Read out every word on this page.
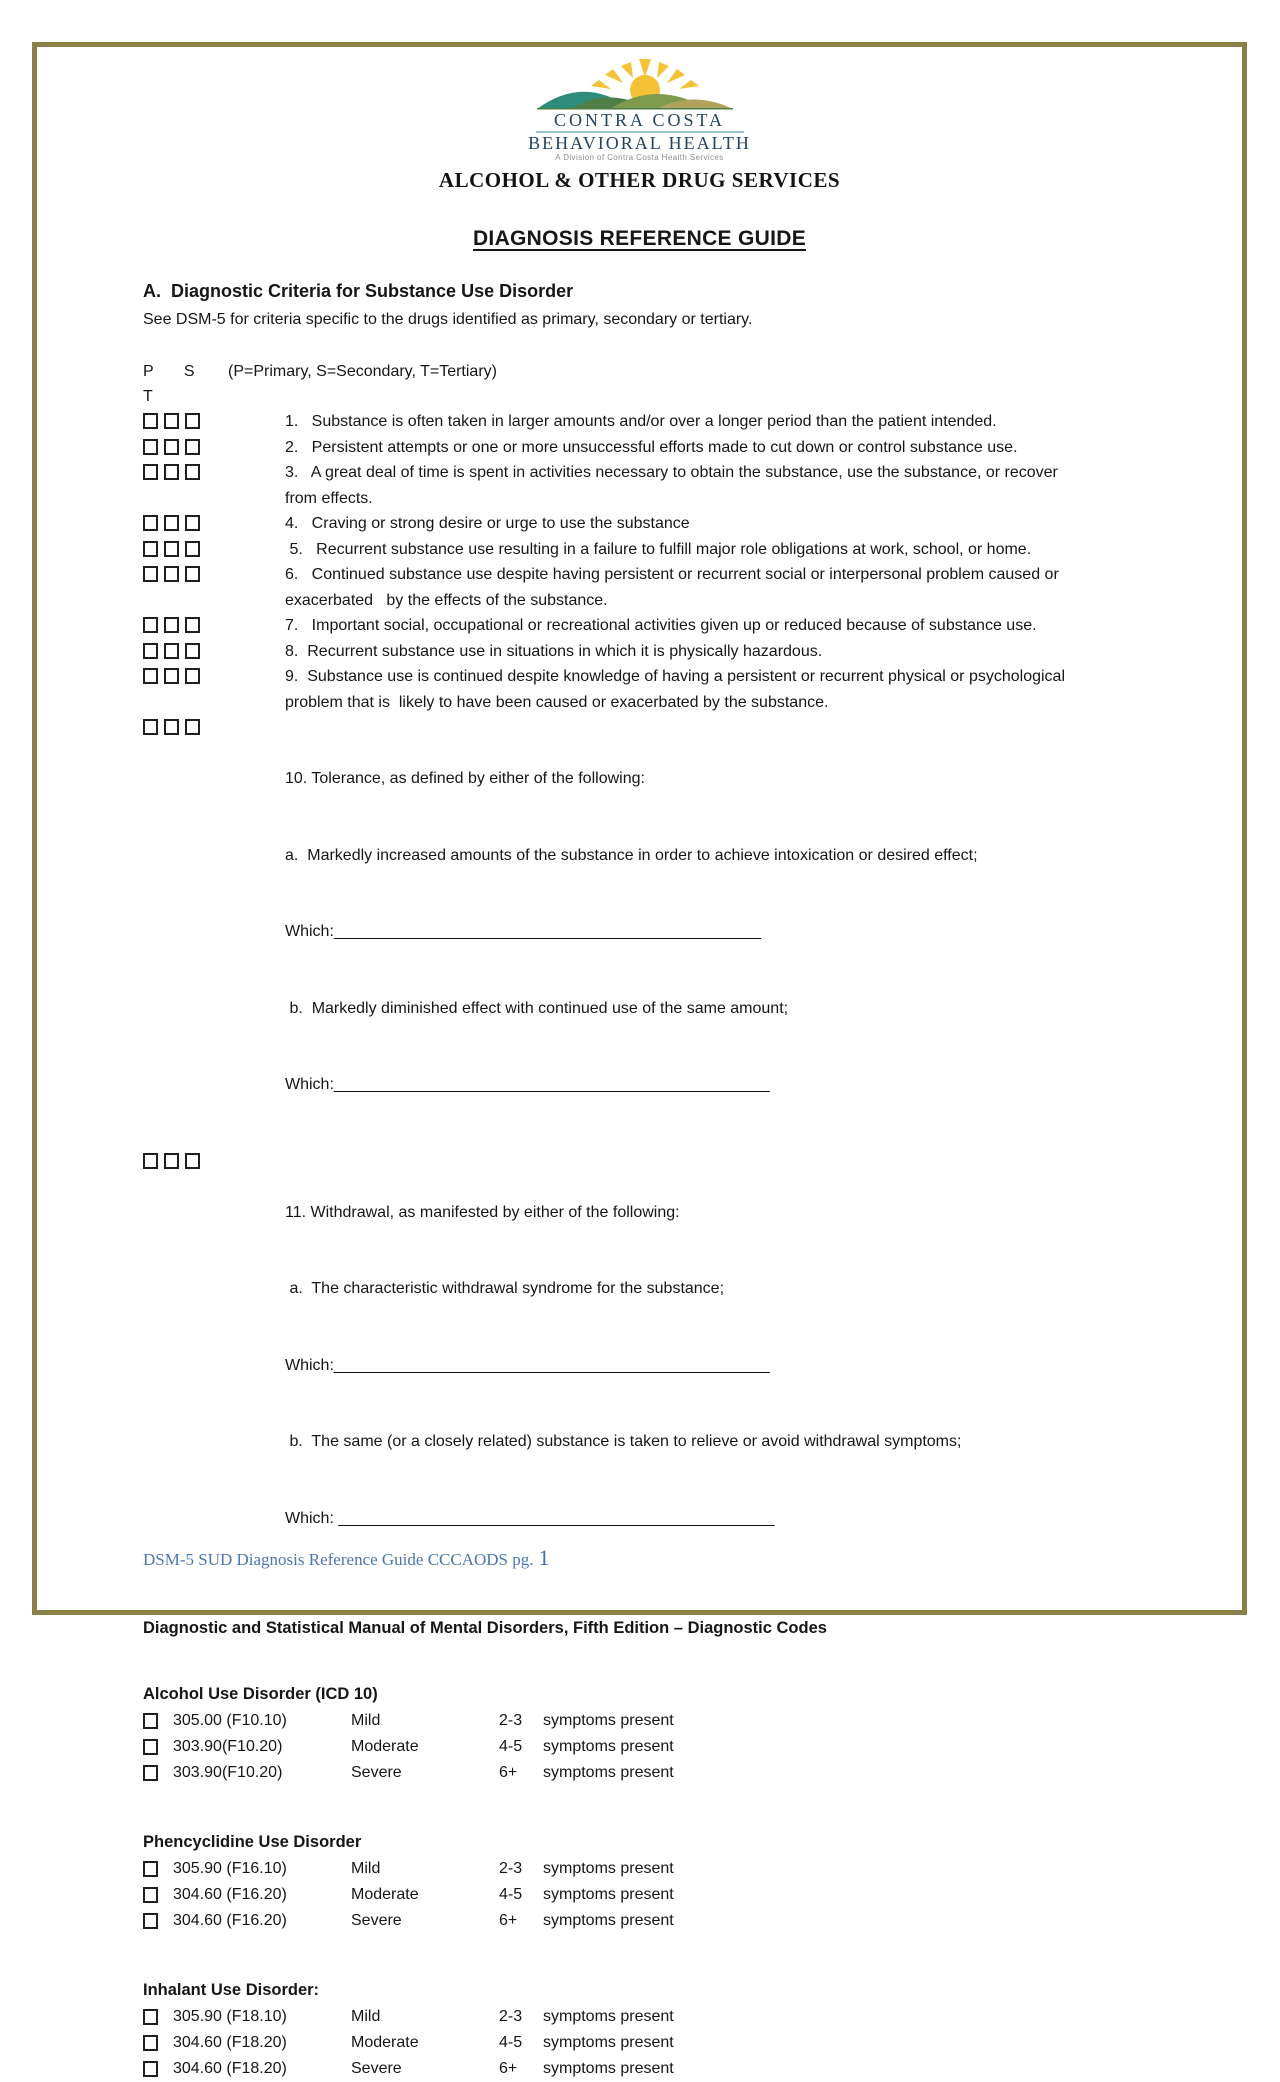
CONTRA COSTA
BEHAVIORAL HEALTH
A Division of Contra Costa Health Services
ALCOHOL & OTHER DRUG SERVICES
DIAGNOSIS REFERENCE GUIDE
A.  Diagnostic Criteria for Substance Use Disorder
See DSM-5 for criteria specific to the drugs identified as primary, secondary or tertiary.
P S T
(P=Primary, S=Secondary, T=Tertiary)
1.   Substance is often taken in larger amounts and/or over a longer period than the patient intended.
2.   Persistent attempts or one or more unsuccessful efforts made to cut down or control substance use.
3.   A great deal of time is spent in activities necessary to obtain the substance, use the substance, or recover from effects.
4.   Craving or strong desire or urge to use the substance
5.   Recurrent substance use resulting in a failure to fulfill major role obligations at work, school, or home.
6.   Continued substance use despite having persistent or recurrent social or interpersonal problem caused or exacerbated   by the effects of the substance.
7.   Important social, occupational or recreational activities given up or reduced because of substance use.
8.  Recurrent substance use in situations in which it is physically hazardous.
9.  Substance use is continued despite knowledge of having a persistent or recurrent physical or psychological problem that is  likely to have been caused or exacerbated by the substance.

10. Tolerance, as defined by either of the following:

a.  Markedly increased amounts of the substance in order to achieve intoxication or desired effect;

Which:________________________________________________

b.  Markedly diminished effect with continued use of the same amount;

Which:_________________________________________________

11. Withdrawal, as manifested by either of the following:

a.  The characteristic withdrawal syndrome for the substance;

Which:_________________________________________________

b.  The same (or a closely related) substance is taken to relieve or avoid withdrawal symptoms;

Which: _________________________________________________

Diagnostic and Statistical Manual of Mental Disorders, Fifth Edition – Diagnostic Codes
Alcohol Use Disorder (ICD 10)
305.00 (F10.10)	Mild	2-3	symptoms present
303.90(F10.20)	Moderate	4-5	symptoms present
303.90(F10.20)	Severe	6+	symptoms present
Phencyclidine Use Disorder
305.90 (F16.10)	Mild	2-3	symptoms present
304.60 (F16.20)	Moderate	4-5	symptoms present
304.60 (F16.20)	Severe	6+	symptoms present
Inhalant Use Disorder:
305.90 (F18.10)	Mild	2-3	symptoms present
304.60 (F18.20)	Moderate	4-5	symptoms present
304.60 (F18.20)	Severe	6+	symptoms present
DSM-5 SUD Diagnosis Reference Guide CCCAODS pg. 1
